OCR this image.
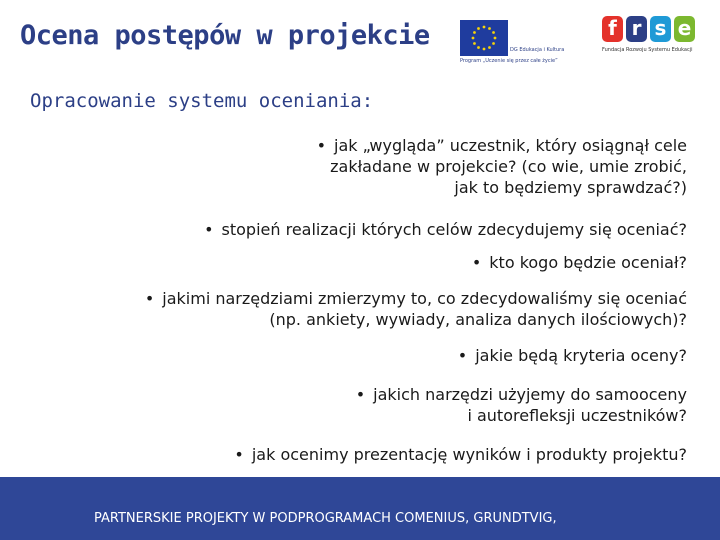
Ocena postępów w projekcie	DG Edukacja i Kultura
Program „Uczenie się przez całe życie”
f r s e
Fundacja Rozwoju Systemu Edukacji
Opracowanie systemu oceniania:
• jak „wygląda” uczestnik, który osiągnął cele
zakładane w projekcie? (co wie, umie zrobić,
jak to będziemy sprawdzać?)
• stopień realizacji których celów zdecydujemy się oceniać?
• kto kogo będzie oceniał?
• jakimi narzędziami zmierzymy to, co zdecydowaliśmy się oceniać
(np. ankiety, wywiady, analiza danych ilościowych)?
• jakie będą kryteria oceny?
• jakich narzędzi użyjemy do samooceny
i autorefleksji uczestników?
• jak ocenimy prezentację wyników i produkty projektu?
PARTNERSKIE PROJEKTY W PODPROGRAMACH COMENIUS, GRUNDTVIG,
